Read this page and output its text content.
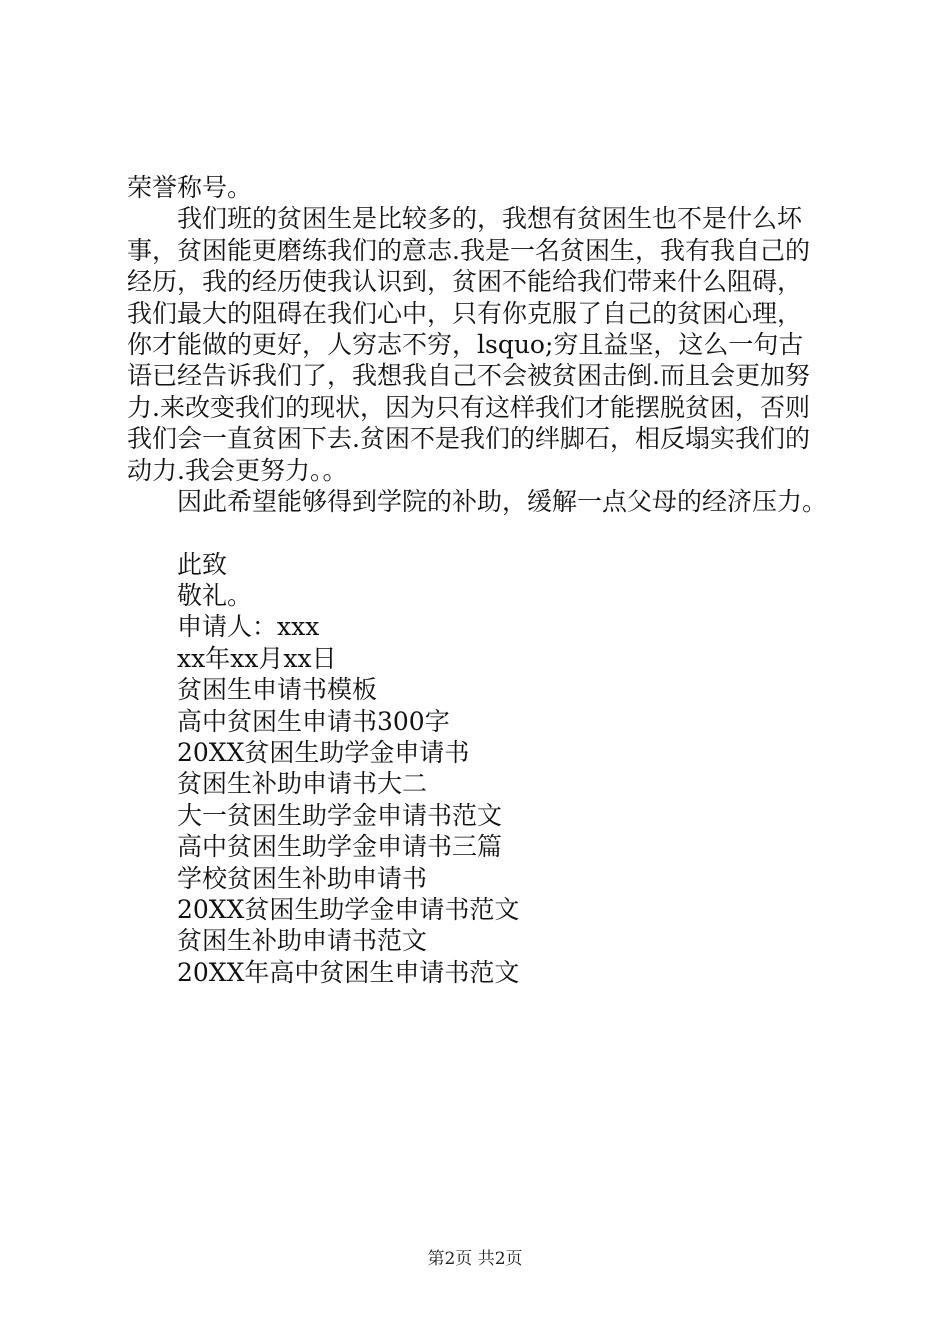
荣誉称号。
我们班的贫困生是比较多的，我想有贫困生也不是什么坏
事，贫困能更磨练我们的意志.我是一名贫困生，我有我自己的
经历，我的经历使我认识到，贫困不能给我们带来什么阻碍，
我们最大的阻碍在我们心中，只有你克服了自己的贫困心理，
你才能做的更好，人穷志不穷，lsquo;穷且益坚，这么一句古
语已经告诉我们了，我想我自己不会被贫困击倒.而且会更加努
力.来改变我们的现状，因为只有这样我们才能摆脱贫困，否则
我们会一直贫困下去.贫困不是我们的绊脚石，相反塌实我们的
动力.我会更努力。。
因此希望能够得到学院的补助，缓解一点父母的经济压力。
此致
敬礼。
申请人：xxx
xx年xx月xx日
贫困生申请书模板
高中贫困生申请书300字
20XX贫困生助学金申请书
贫困生补助申请书大二
大一贫困生助学金申请书范文
高中贫困生助学金申请书三篇
学校贫困生补助申请书
20XX贫困生助学金申请书范文
贫困生补助申请书范文
20XX年高中贫困生申请书范文
第2页 共2页
